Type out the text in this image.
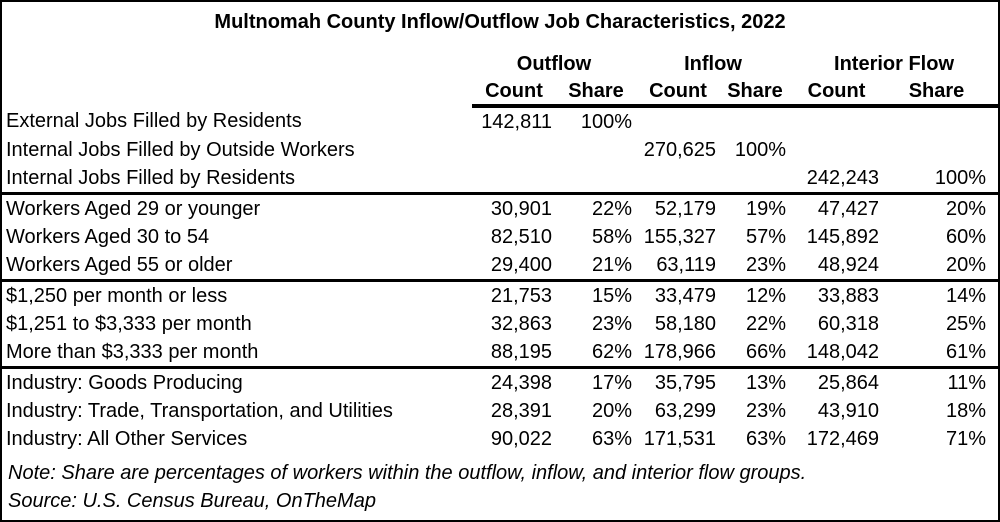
Multnomah County Inflow/Outflow Job Characteristics, 2022
	Outflow		Inflow		Interior Flow	
	Count	Share	Count	Share	Count	Share
External Jobs Filled by Residents	142,811	100%				
Internal Jobs Filled by Outside Workers			270,625	100%		
Internal Jobs Filled by Residents					242,243	100%
Workers Aged 29 or younger	30,901	22%	52,179	19%	47,427	20%
Workers Aged 30 to 54	82,510	58%	155,327	57%	145,892	60%
Workers Aged 55 or older	29,400	21%	63,119	23%	48,924	20%
$1,250 per month or less	21,753	15%	33,479	12%	33,883	14%
$1,251 to $3,333 per month	32,863	23%	58,180	22%	60,318	25%
More than $3,333 per month	88,195	62%	178,966	66%	148,042	61%
Industry: Goods Producing	24,398	17%	35,795	13%	25,864	11%
Industry: Trade, Transportation, and Utilities	28,391	20%	63,299	23%	43,910	18%
Industry: All Other Services	90,022	63%	171,531	63%	172,469	71%
Note: Share are percentages of workers within the outflow, inflow, and interior flow groups.
Source: U.S. Census Bureau, OnTheMap
